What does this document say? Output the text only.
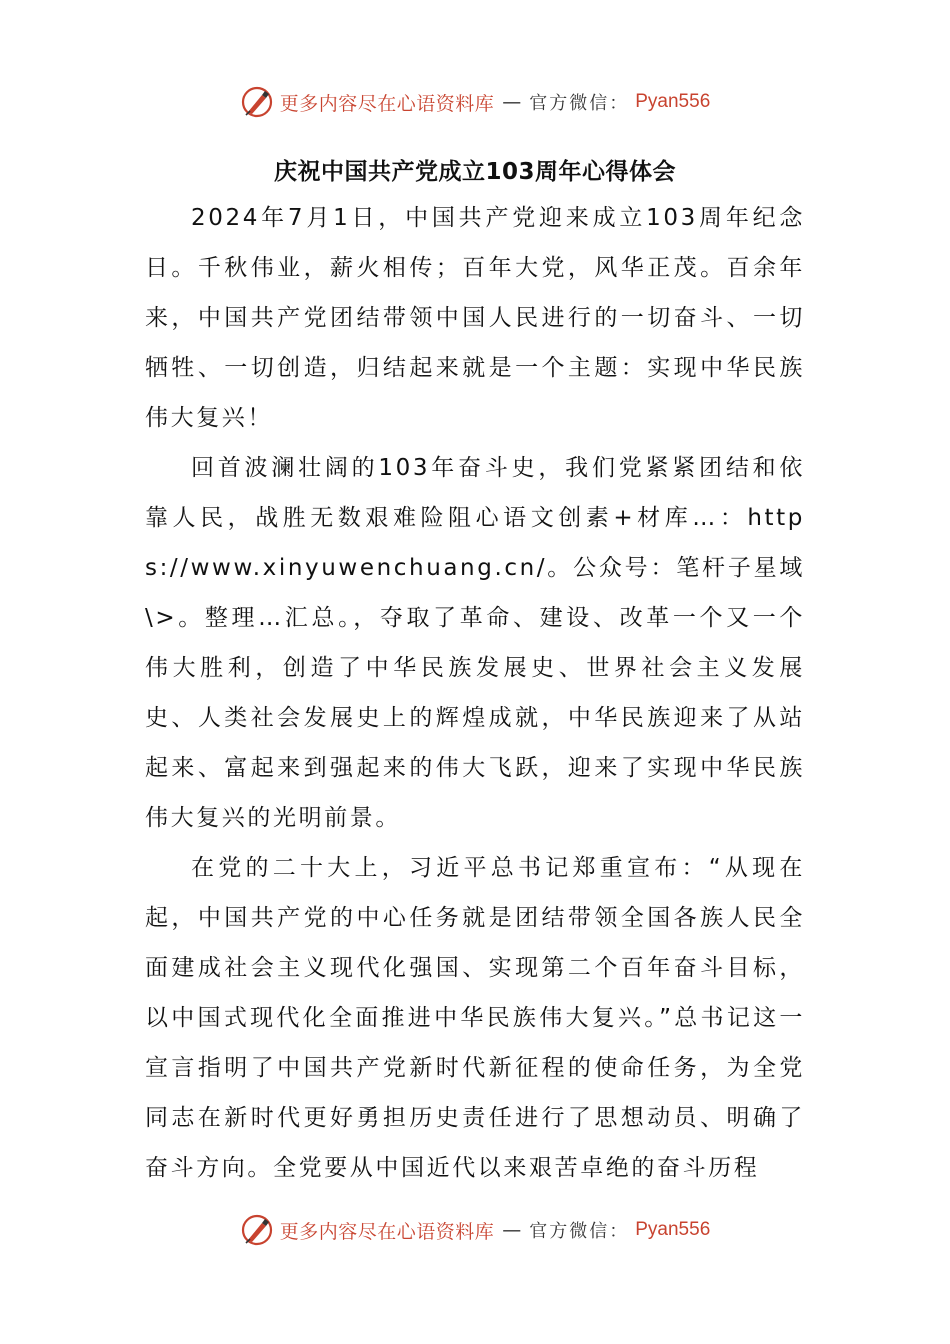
更多内容尽在心语资料库 — 官方微信： Pyan556
庆祝中国共产党成立103周年心得体会

2024年7月1日，中国共产党迎来成立103周年纪念日。千秋伟业，薪火相传；百年大党，风华正茂。百余年来，中国共产党团结带领中国人民进行的一切奋斗、一切牺牲、一切创造，归结起来就是一个主题：实现中华民族伟大复兴！

回首波澜壮阔的103年奋斗史，我们党紧紧团结和依靠人民，战胜无数艰难险阻心语文创素+材库…：https://www.xinyuwenchuang.cn/。公众号：笔杆子星域\>。整理…汇总。，夺取了革命、建设、改革一个又一个伟大胜利，创造了中华民族发展史、世界社会主义发展史、人类社会发展史上的辉煌成就，中华民族迎来了从站起来、富起来到强起来的伟大飞跃，迎来了实现中华民族伟大复兴的光明前景。

在党的二十大上，习近平总书记郑重宣布：“从现在起，中国共产党的中心任务就是团结带领全国各族人民全面建成社会主义现代化强国、实现第二个百年奋斗目标，以中国式现代化全面推进中华民族伟大复兴。”总书记这一宣言指明了中国共产党新时代新征程的使命任务，为全党同志在新时代更好勇担历史责任进行了思想动员、明确了奋斗方向。全党要从中国近代以来艰苦卓绝的奋斗历程

更多内容尽在心语资料库 — 官方微信： Pyan556
